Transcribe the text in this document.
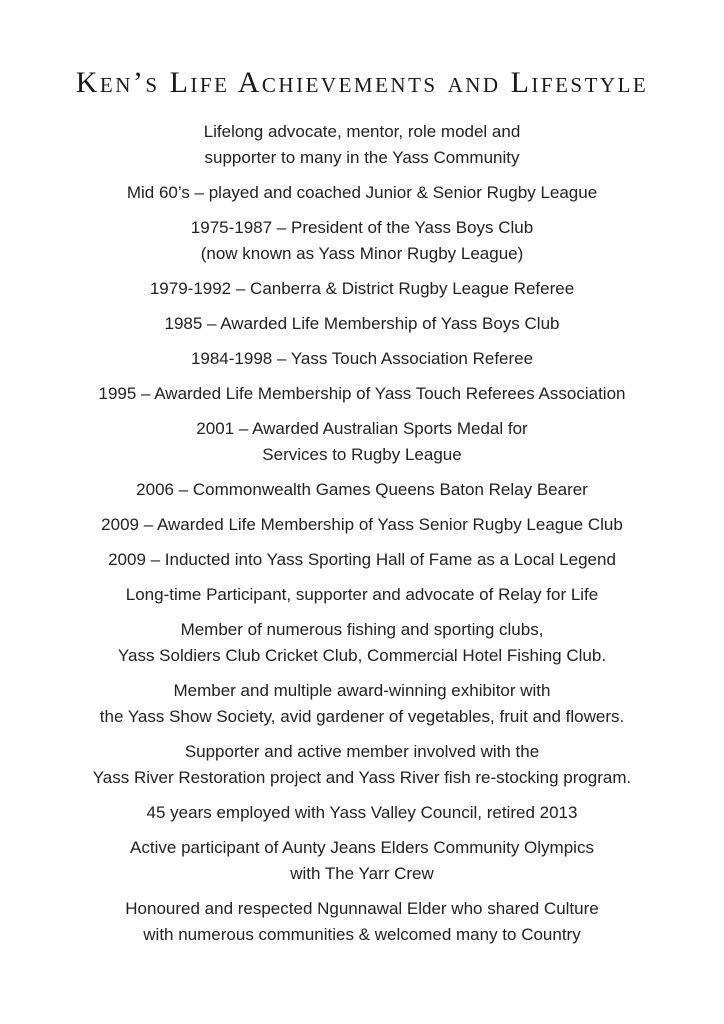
Ken’s Life Achievements and Lifestyle

Lifelong advocate, mentor, role model and
supporter to many in the Yass Community

Mid 60’s – played and coached Junior & Senior Rugby League

1975-1987 – President of the Yass Boys Club
(now known as Yass Minor Rugby League)

1979-1992 – Canberra & District Rugby League Referee

1985 – Awarded Life Membership of Yass Boys Club

1984-1998 – Yass Touch Association Referee

1995 – Awarded Life Membership of Yass Touch Referees Association

2001 – Awarded Australian Sports Medal for
Services to Rugby League

2006 – Commonwealth Games Queens Baton Relay Bearer

2009 – Awarded Life Membership of Yass Senior Rugby League Club

2009 – Inducted into Yass Sporting Hall of Fame as a Local Legend

Long-time Participant, supporter and advocate of Relay for Life

Member of numerous fishing and sporting clubs,
Yass Soldiers Club Cricket Club, Commercial Hotel Fishing Club.

Member and multiple award-winning exhibitor with
the Yass Show Society, avid gardener of vegetables, fruit and flowers.

Supporter and active member involved with the
Yass River Restoration project and Yass River fish re-stocking program.

45 years employed with Yass Valley Council, retired 2013

Active participant of Aunty Jeans Elders Community Olympics
with The Yarr Crew

Honoured and respected Ngunnawal Elder who shared Culture
with numerous communities & welcomed many to Country
